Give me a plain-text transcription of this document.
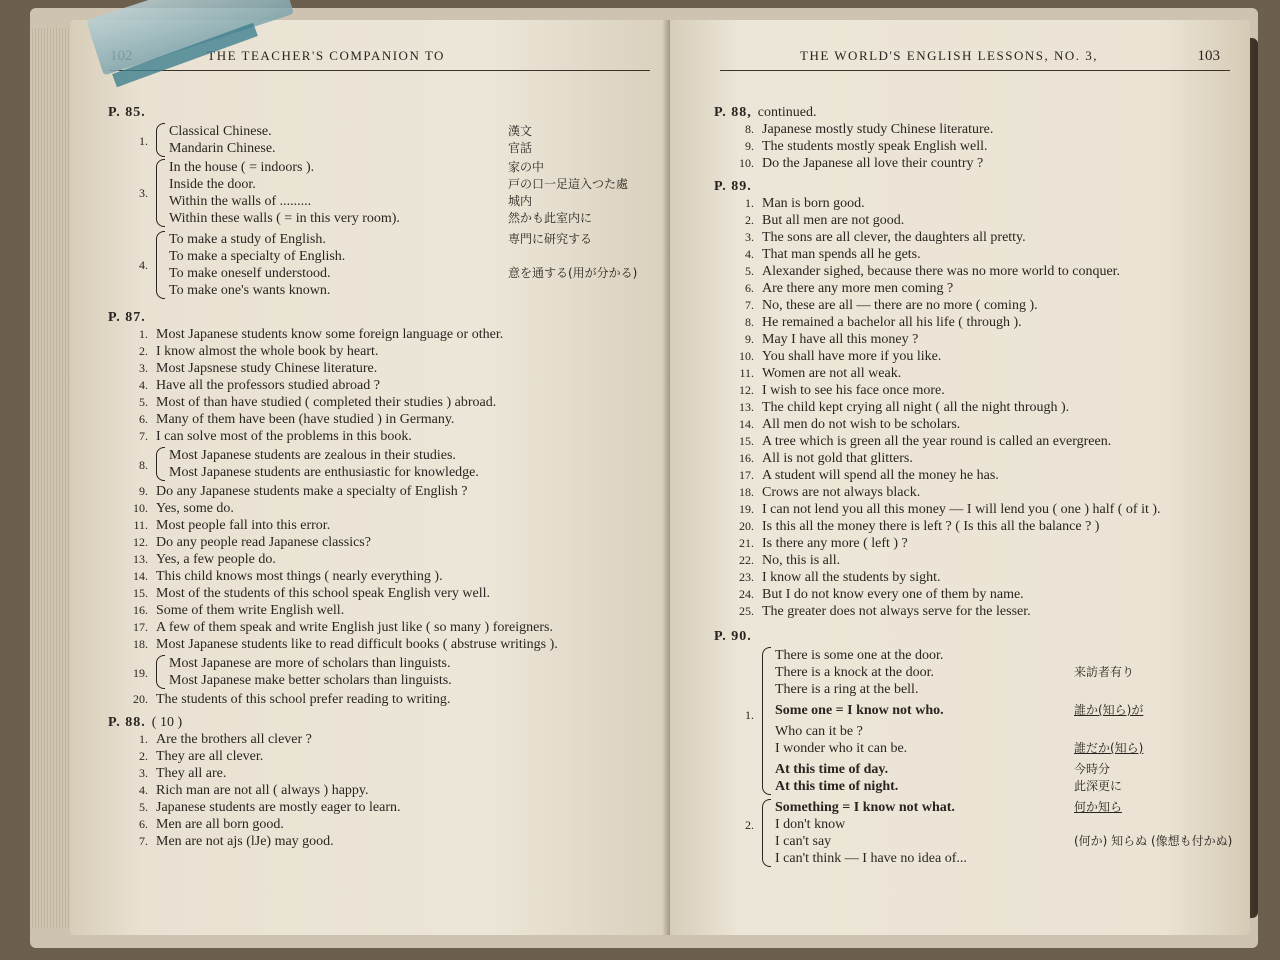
THE TEACHER'S COMPANION TO
P. 85.
1.
Classical Chinese.	漢文
Mandarin Chinese.	官話
3.
In the house ( = indoors ).	家の中
Inside the door.	戸の口一足這入つた處
Within the walls of .........	城内
Within these walls ( = in this very room).	然かも此室内に
4.
To make a study of English.	専門に研究する
To make a specialty of English.
To make oneself understood.	意を通する(用が分かる)
To make one's wants known.
P. 87.
1. Most Japanese students know some foreign language or other.
2. I know almost the whole book by heart.
3. Most Japsnese study Chinese literature.
4. Have all the professors studied abroad ?
5. Most of than have studied ( completed their studies ) abroad.
6. Many of them have been (have studied ) in Germany.
7. I can solve most of the problems in this book.
8.
Most Japanese students are zealous in their studies.
Most Japanese students are enthusiastic for knowledge.
9. Do any Japanese students make a specialty of English ?
10. Yes, some do.
11. Most people fall into this error.
12. Do any people read Japanese classics?
13. Yes, a few people do.
14. This child knows most things ( nearly everything ).
15. Most of the students of this school speak English very well.
16. Some of them write English well.
17. A few of them speak and write English just like ( so many ) foreigners.
18. Most Japanese students like to read difficult books ( abstruse writings ).
19.
Most Japanese are more of scholars than linguists.
Most Japanese make better scholars than linguists.
20. The students of this school prefer reading to writing.
P. 88. ( 10 )
1. Are the brothers all clever ?
2. They are all clever.
3. They all are.
4. Rich man are not all ( always ) happy.
5. Japanese students are mostly eager to learn.
6. Men are all born good.
7. Men are not ajs (lJe) may good.
THE WORLD'S ENGLISH LESSONS, NO. 3,	103
P. 88, continued.
8. Japanese mostly study Chinese literature.
9. The students mostly speak English well.
10. Do the Japanese all love their country ?
P. 89.
1. Man is born good.
2. But all men are not good.
3. The sons are all clever, the daughters all pretty.
4. That man spends all he gets.
5. Alexander sighed, because there was no more world to conquer.
6. Are there any more men coming ?
7. No, these are all — there are no more ( coming ).
8. He remained a bachelor all his life ( through ).
9. May I have all this money ?
10. You shall have more if you like.
11. Women are not all weak.
12. I wish to see his face once more.
13. The child kept crying all night ( all the night through ).
14. All men do not wish to be scholars.
15. A tree which is green all the year round is called an evergreen.
16. All is not gold that glitters.
17. A student will spend all the money he has.
18. Crows are not always black.
19. I can not lend you all this money — I will lend you ( one ) half ( of it ).
20. Is this all the money there is left ? ( Is this all the balance ? )
21. Is there any more ( left ) ?
22. No, this is all.
23. I know all the students by sight.
24. But I do not know every one of them by name.
25. The greater does not always serve for the lesser.
P. 90.
1.
There is some one at the door.
There is a knock at the door.	来訪者有り
There is a ring at the bell.
Some one = I know not who.	誰か(知ら)が
Who can it be ?
I wonder who it can be.	誰だか(知ら)
At this time of day.	今時分
At this time of night.	此深更に
2.
Something = I know not what.	何か知ら
I don't know
I can't say	(何か) 知らぬ (像想も付かぬ)
I can't think — I have no idea of...
